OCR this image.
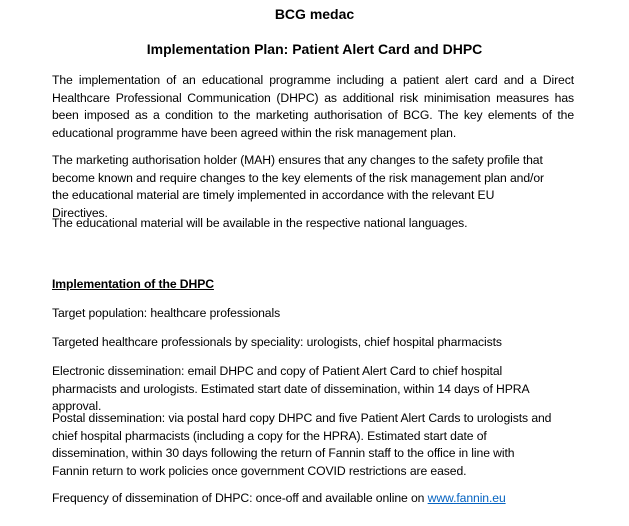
BCG medac
Implementation Plan: Patient Alert Card and DHPC

The implementation of an educational programme including a patient alert card and a Direct Healthcare Professional Communication (DHPC) as additional risk minimisation measures has been imposed as a condition to the marketing authorisation of BCG. The key elements of the educational programme have been agreed within the risk management plan.

The marketing authorisation holder (MAH) ensures that any changes to the safety profile that become known and require changes to the key elements of the risk management plan and/or the educational material are timely implemented in accordance with the relevant EU Directives.

The educational material will be available in the respective national languages.

Implementation of the DHPC

Target population: healthcare professionals

Targeted healthcare professionals by speciality: urologists, chief hospital pharmacists

Electronic dissemination: email DHPC and copy of Patient Alert Card to chief hospital pharmacists and urologists. Estimated start date of dissemination, within 14 days of HPRA approval.

Postal dissemination: via postal hard copy DHPC and five Patient Alert Cards to urologists and chief hospital pharmacists (including a copy for the HPRA). Estimated start date of dissemination, within 30 days following the return of Fannin staff to the office in line with Fannin return to work policies once government COVID restrictions are eased.

Frequency of dissemination of DHPC: once-off and available online on www.fannin.eu
